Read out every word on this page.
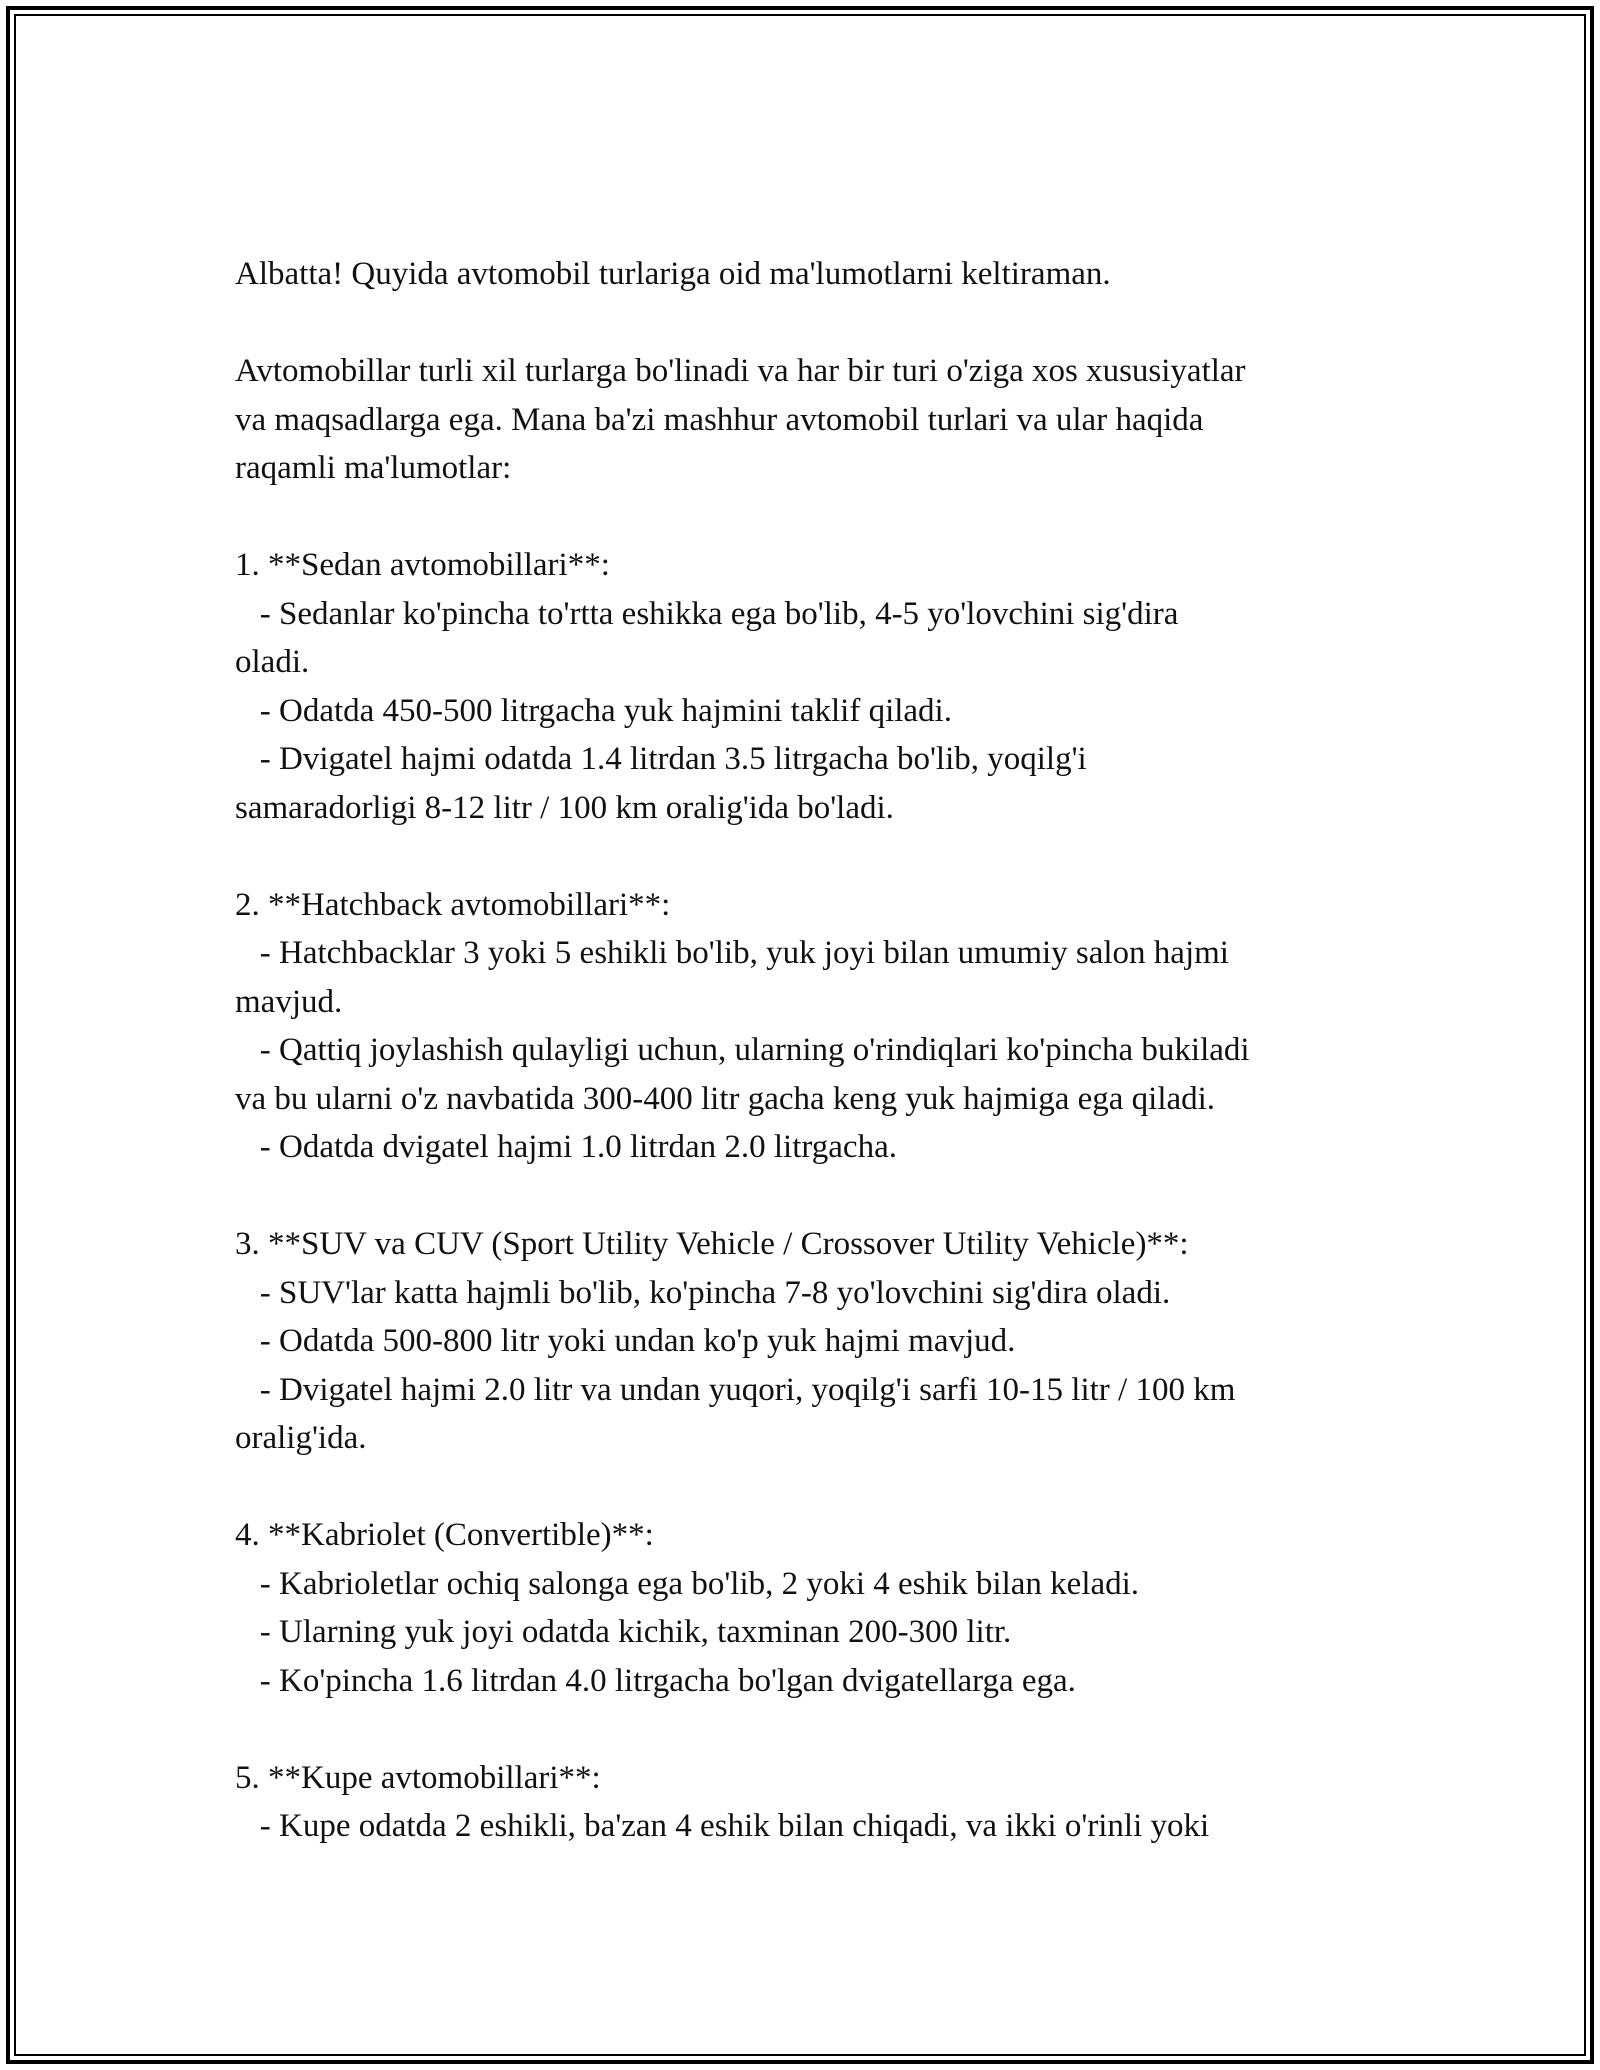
Albatta! Quyida avtomobil turlariga oid ma'lumotlarni keltiraman.
Avtomobillar turli xil turlarga bo'linadi va har bir turi o'ziga xos xususiyatlar
va maqsadlarga ega. Mana ba'zi mashhur avtomobil turlari va ular haqida
raqamli ma'lumotlar:
1. **Sedan avtomobillari**:
- Sedanlar ko'pincha to'rtta eshikka ega bo'lib, 4-5 yo'lovchini sig'dira
oladi.
- Odatda 450-500 litrgacha yuk hajmini taklif qiladi.
- Dvigatel hajmi odatda 1.4 litrdan 3.5 litrgacha bo'lib, yoqilg'i
samaradorligi 8-12 litr / 100 km oralig'ida bo'ladi.
2. **Hatchback avtomobillari**:
- Hatchbacklar 3 yoki 5 eshikli bo'lib, yuk joyi bilan umumiy salon hajmi
mavjud.
- Qattiq joylashish qulayligi uchun, ularning o'rindiqlari ko'pincha bukiladi
va bu ularni o'z navbatida 300-400 litr gacha keng yuk hajmiga ega qiladi.
- Odatda dvigatel hajmi 1.0 litrdan 2.0 litrgacha.
3. **SUV va CUV (Sport Utility Vehicle / Crossover Utility Vehicle)**:
- SUV'lar katta hajmli bo'lib, ko'pincha 7-8 yo'lovchini sig'dira oladi.
- Odatda 500-800 litr yoki undan ko'p yuk hajmi mavjud.
- Dvigatel hajmi 2.0 litr va undan yuqori, yoqilg'i sarfi 10-15 litr / 100 km
oralig'ida.
4. **Kabriolet (Convertible)**:
- Kabrioletlar ochiq salonga ega bo'lib, 2 yoki 4 eshik bilan keladi.
- Ularning yuk joyi odatda kichik, taxminan 200-300 litr.
- Ko'pincha 1.6 litrdan 4.0 litrgacha bo'lgan dvigatellarga ega.
5. **Kupe avtomobillari**:
- Kupe odatda 2 eshikli, ba'zan 4 eshik bilan chiqadi, va ikki o'rinli yoki
